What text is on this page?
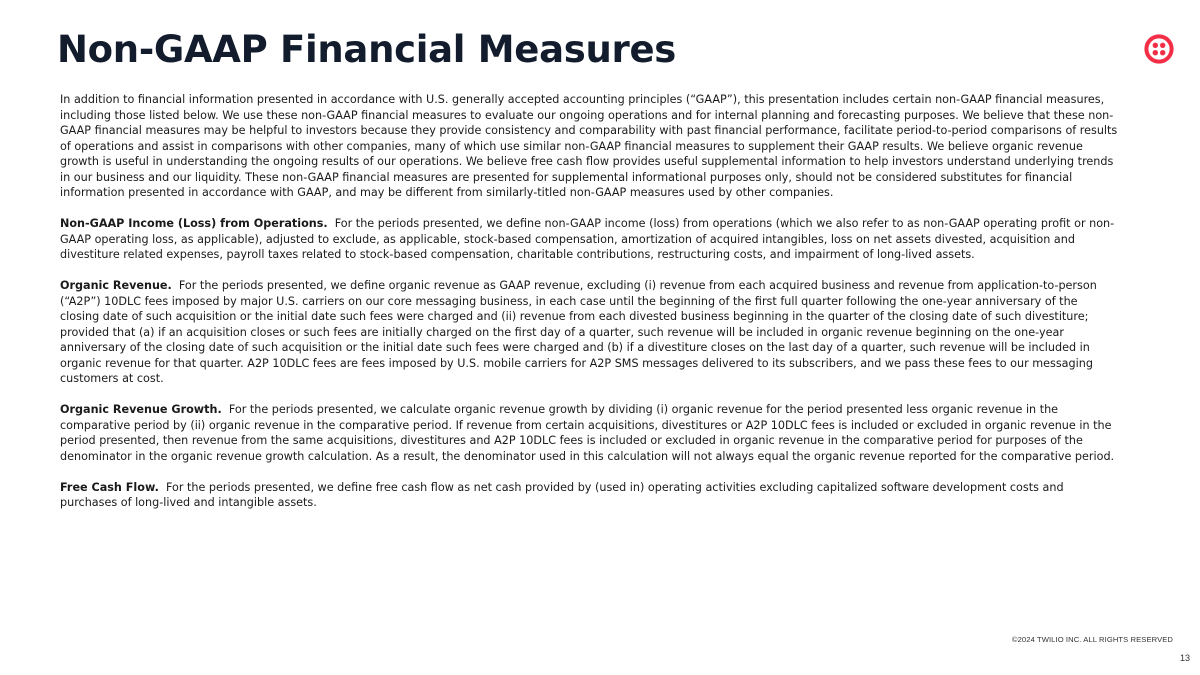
Non-GAAP Financial Measures

In addition to financial information presented in accordance with U.S. generally accepted accounting principles (“GAAP”), this presentation includes certain non-GAAP financial measures, including those listed below. We use these non-GAAP financial measures to evaluate our ongoing operations and for internal planning and forecasting purposes. We believe that these non-GAAP financial measures may be helpful to investors because they provide consistency and comparability with past financial performance, facilitate period-to-period comparisons of results of operations and assist in comparisons with other companies, many of which use similar non-GAAP financial measures to supplement their GAAP results. We believe organic revenue growth is useful in understanding the ongoing results of our operations. We believe free cash flow provides useful supplemental information to help investors understand underlying trends in our business and our liquidity. These non-GAAP financial measures are presented for supplemental informational purposes only, should not be considered substitutes for financial information presented in accordance with GAAP, and may be different from similarly-titled non-GAAP measures used by other companies.

Non-GAAP Income (Loss) from Operations. For the periods presented, we define non-GAAP income (loss) from operations (which we also refer to as non-GAAP operating profit or non-GAAP operating loss, as applicable), adjusted to exclude, as applicable, stock-based compensation, amortization of acquired intangibles, loss on net assets divested, acquisition and divestiture related expenses, payroll taxes related to stock-based compensation, charitable contributions, restructuring costs, and impairment of long-lived assets.

Organic Revenue. For the periods presented, we define organic revenue as GAAP revenue, excluding (i) revenue from each acquired business and revenue from application-to-person (“A2P”) 10DLC fees imposed by major U.S. carriers on our core messaging business, in each case until the beginning of the first full quarter following the one-year anniversary of the closing date of such acquisition or the initial date such fees were charged and (ii) revenue from each divested business beginning in the quarter of the closing date of such divestiture; provided that (a) if an acquisition closes or such fees are initially charged on the first day of a quarter, such revenue will be included in organic revenue beginning on the one-year anniversary of the closing date of such acquisition or the initial date such fees were charged and (b) if a divestiture closes on the last day of a quarter, such revenue will be included in organic revenue for that quarter. A2P 10DLC fees are fees imposed by U.S. mobile carriers for A2P SMS messages delivered to its subscribers, and we pass these fees to our messaging customers at cost.

Organic Revenue Growth. For the periods presented, we calculate organic revenue growth by dividing (i) organic revenue for the period presented less organic revenue in the comparative period by (ii) organic revenue in the comparative period. If revenue from certain acquisitions, divestitures or A2P 10DLC fees is included or excluded in organic revenue in the period presented, then revenue from the same acquisitions, divestitures and A2P 10DLC fees is included or excluded in organic revenue in the comparative period for purposes of the denominator in the organic revenue growth calculation. As a result, the denominator used in this calculation will not always equal the organic revenue reported for the comparative period.

Free Cash Flow. For the periods presented, we define free cash flow as net cash provided by (used in) operating activities excluding capitalized software development costs and purchases of long-lived and intangible assets.

©2024 TWILIO INC. ALL RIGHTS RESERVED
13
